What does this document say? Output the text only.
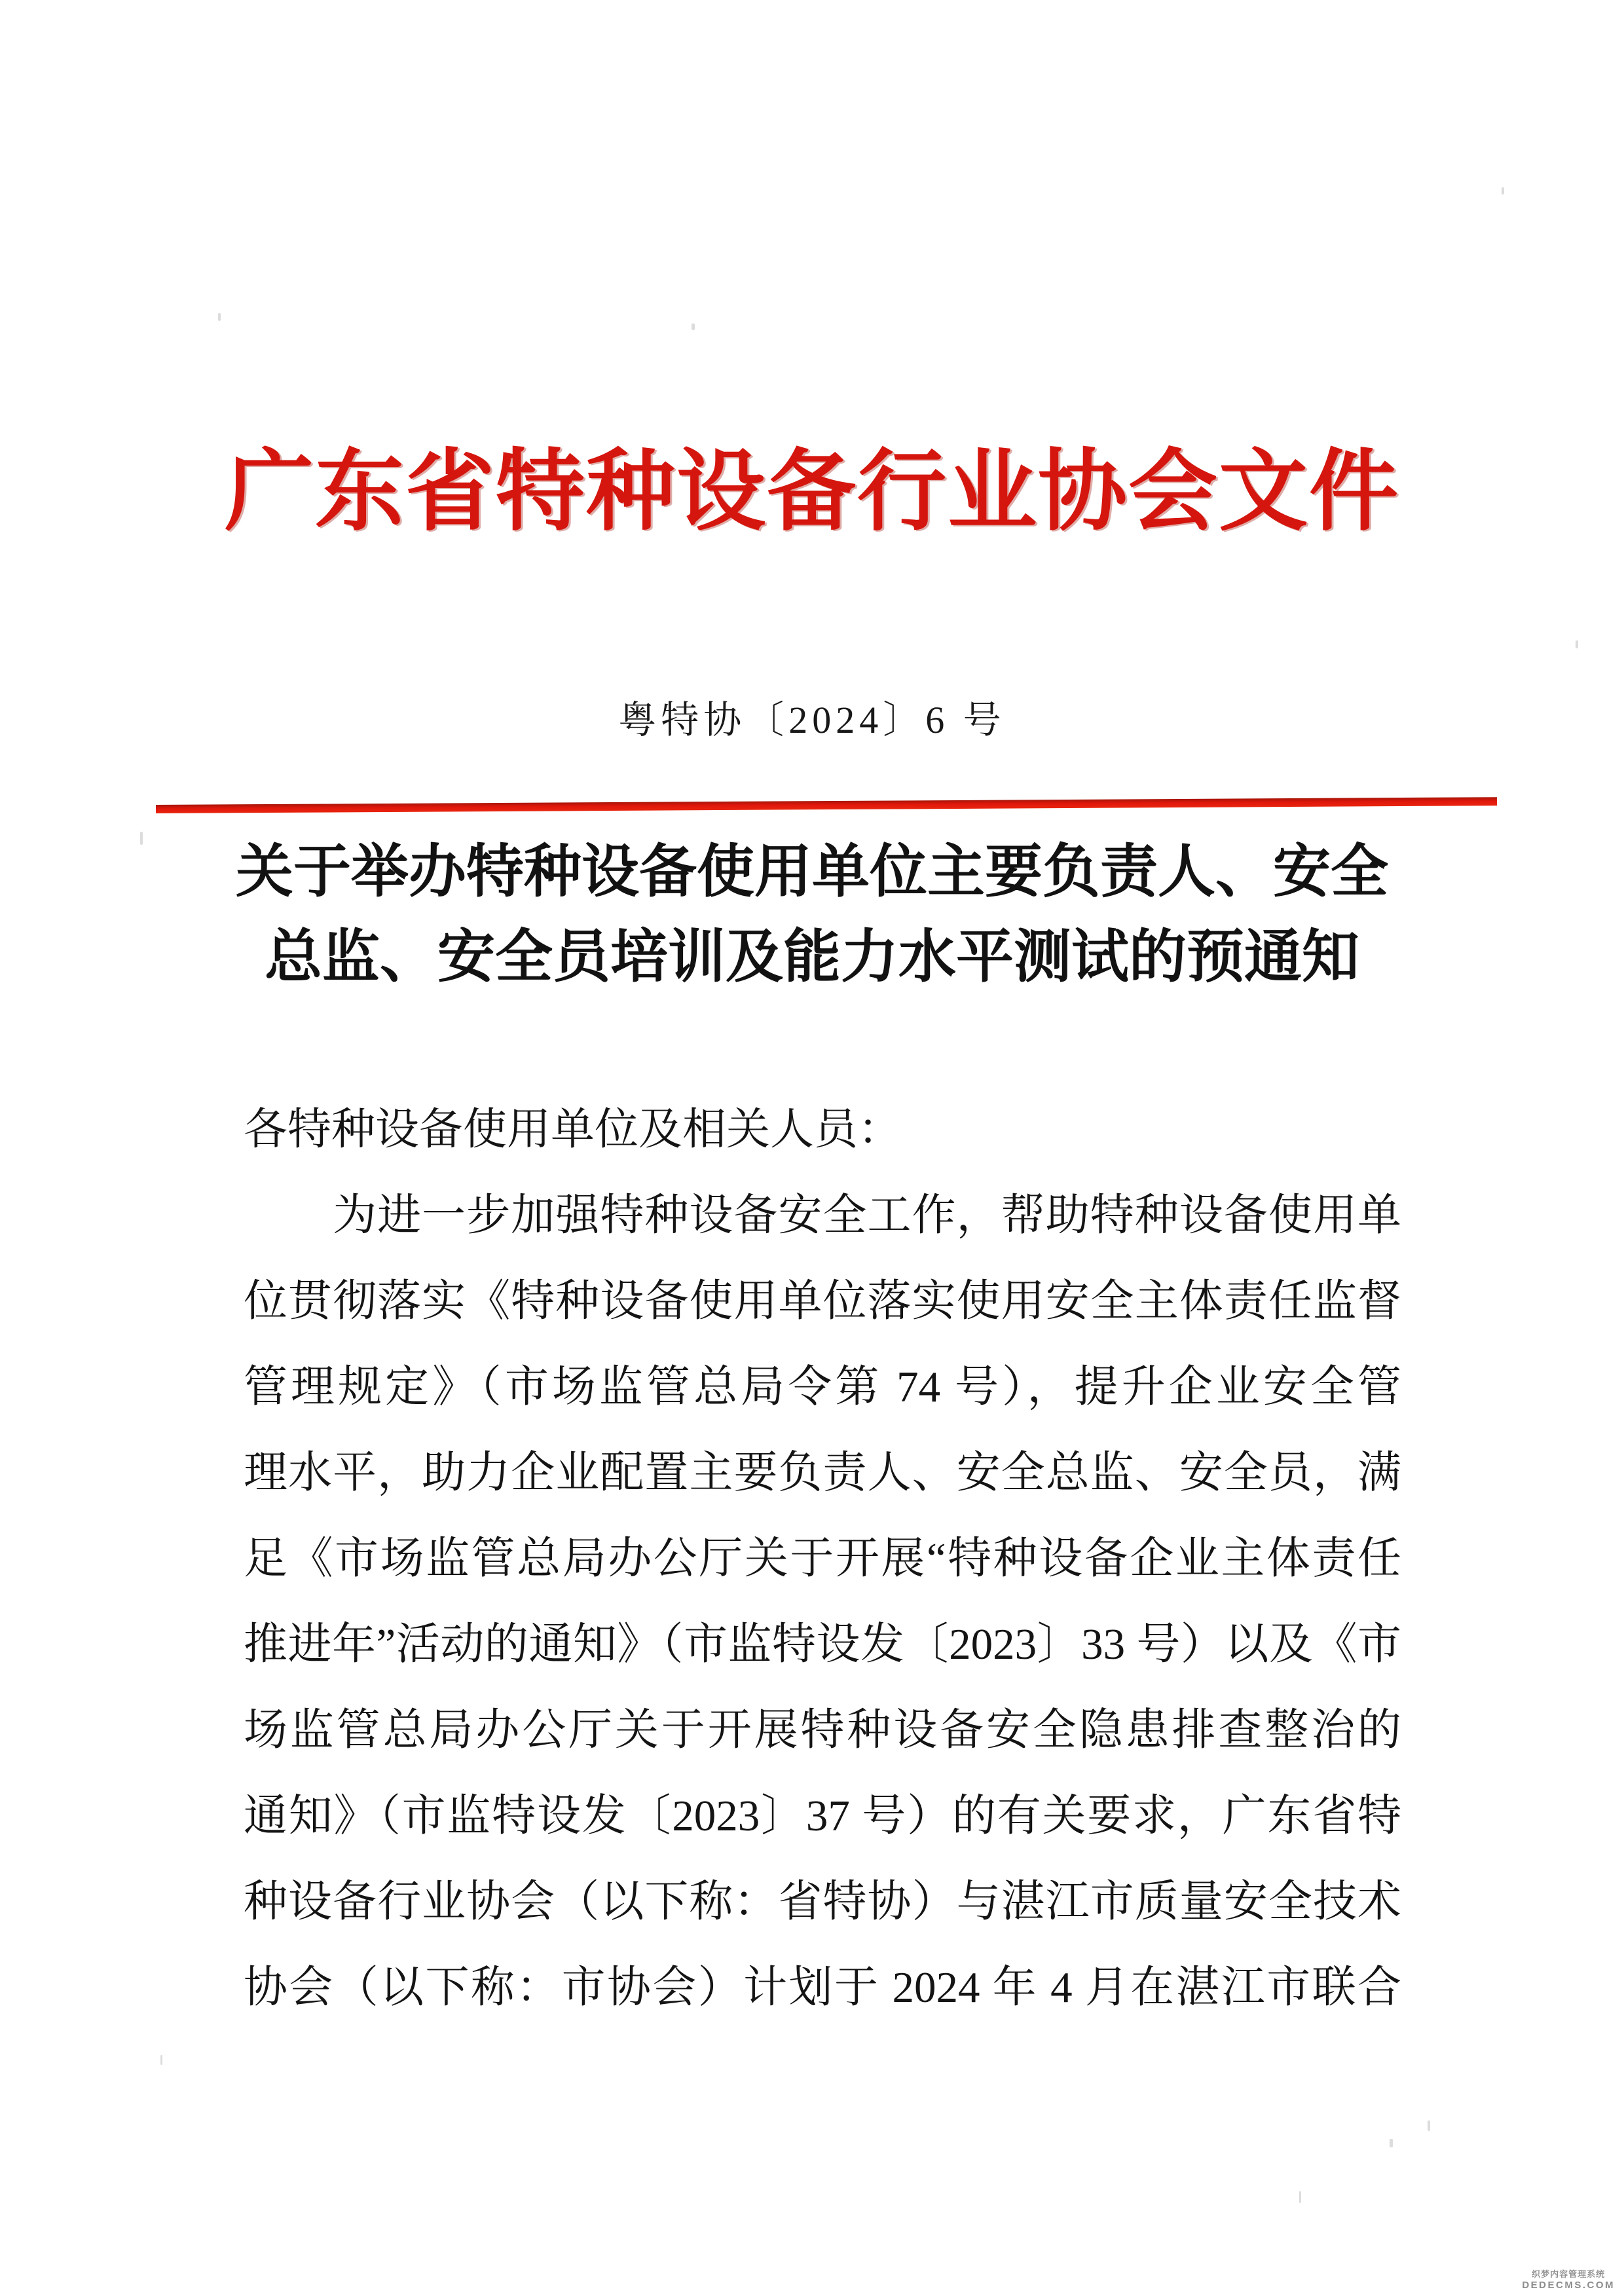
广东省特种设备行业协会文件
粤特协〔2024〕6 号
关于举办特种设备使用单位主要负责人、安全
总监、安全员培训及能力水平测试的预通知
各特种设备使用单位及相关人员：
　　为进一步加强特种设备安全工作，帮助特种设备使用单
位贯彻落实《特种设备使用单位落实使用安全主体责任监督
管理规定》（市场监管总局令第 74 号），提升企业安全管
理水平，助力企业配置主要负责人、安全总监、安全员，满
足《市场监管总局办公厅关于开展“特种设备企业主体责任
推进年”活动的通知》（市监特设发〔2023〕33 号）以及《市
场监管总局办公厅关于开展特种设备安全隐患排查整治的
通知》（市监特设发〔2023〕37 号）的有关要求，广东省特
种设备行业协会（以下称：省特协）与湛江市质量安全技术
协会（以下称：市协会）计划于 2024 年 4 月在湛江市联合
织梦内容管理系统
DEDECMS.COM
